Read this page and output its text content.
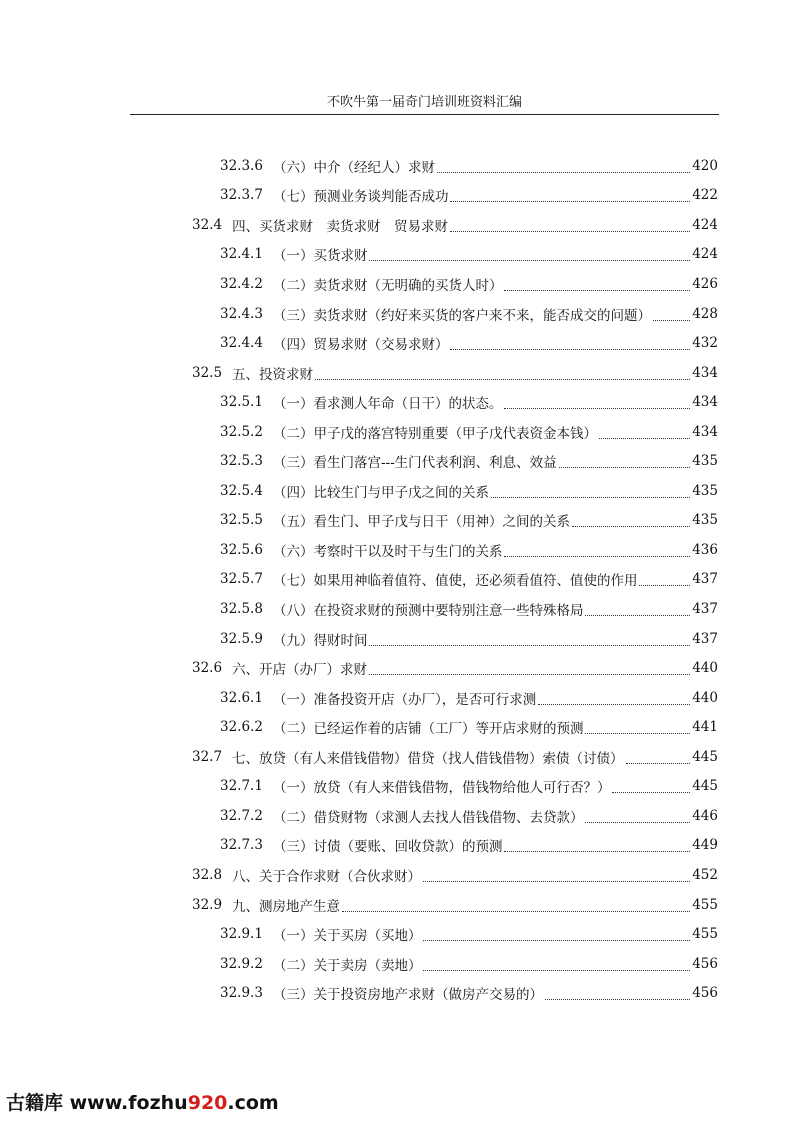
不吹牛第一届奇门培训班资料汇编
32.3.6 （六）中介（经纪人）求财	420
32.3.7 （七）预测业务谈判能否成功	422
32.4 四、买货求财　卖货求财　贸易求财	424
32.4.1 （一）买货求财	424
32.4.2 （二）卖货求财（无明确的买货人时）	426
32.4.3 （三）卖货求财（约好来买货的客户来不来，能否成交的问题）	428
32.4.4 （四）贸易求财（交易求财）	432
32.5 五、投资求财	434
32.5.1 （一）看求测人年命（日干）的状态。	434
32.5.2 （二）甲子戊的落宫特别重要（甲子戊代表资金本钱）	434
32.5.3 （三）看生门落宫---生门代表利润、利息、效益	435
32.5.4 （四）比较生门与甲子戊之间的关系	435
32.5.5 （五）看生门、甲子戊与日干（用神）之间的关系	435
32.5.6 （六）考察时干以及时干与生门的关系	436
32.5.7 （七）如果用神临着值符、值使，还必须看值符、值使的作用	437
32.5.8 （八）在投资求财的预测中要特别注意一些特殊格局	437
32.5.9 （九）得财时间	437
32.6 六、开店（办厂）求财	440
32.6.1 （一）准备投资开店（办厂），是否可行求测	440
32.6.2 （二）已经运作着的店铺（工厂）等开店求财的预测	441
32.7 七、放贷（有人来借钱借物）借贷（找人借钱借物）索债（讨债）	445
32.7.1 （一）放贷（有人来借钱借物，借钱物给他人可行否？）	445
32.7.2 （二）借贷财物（求测人去找人借钱借物、去贷款）	446
32.7.3 （三）讨债（要账、回收贷款）的预测	449
32.8 八、关于合作求财（合伙求财）	452
32.9 九、测房地产生意	455
32.9.1 （一）关于买房（买地）	455
32.9.2 （二）关于卖房（卖地）	456
32.9.3 （三）关于投资房地产求财（做房产交易的）	456
古籍库 www.fozhu920.com
